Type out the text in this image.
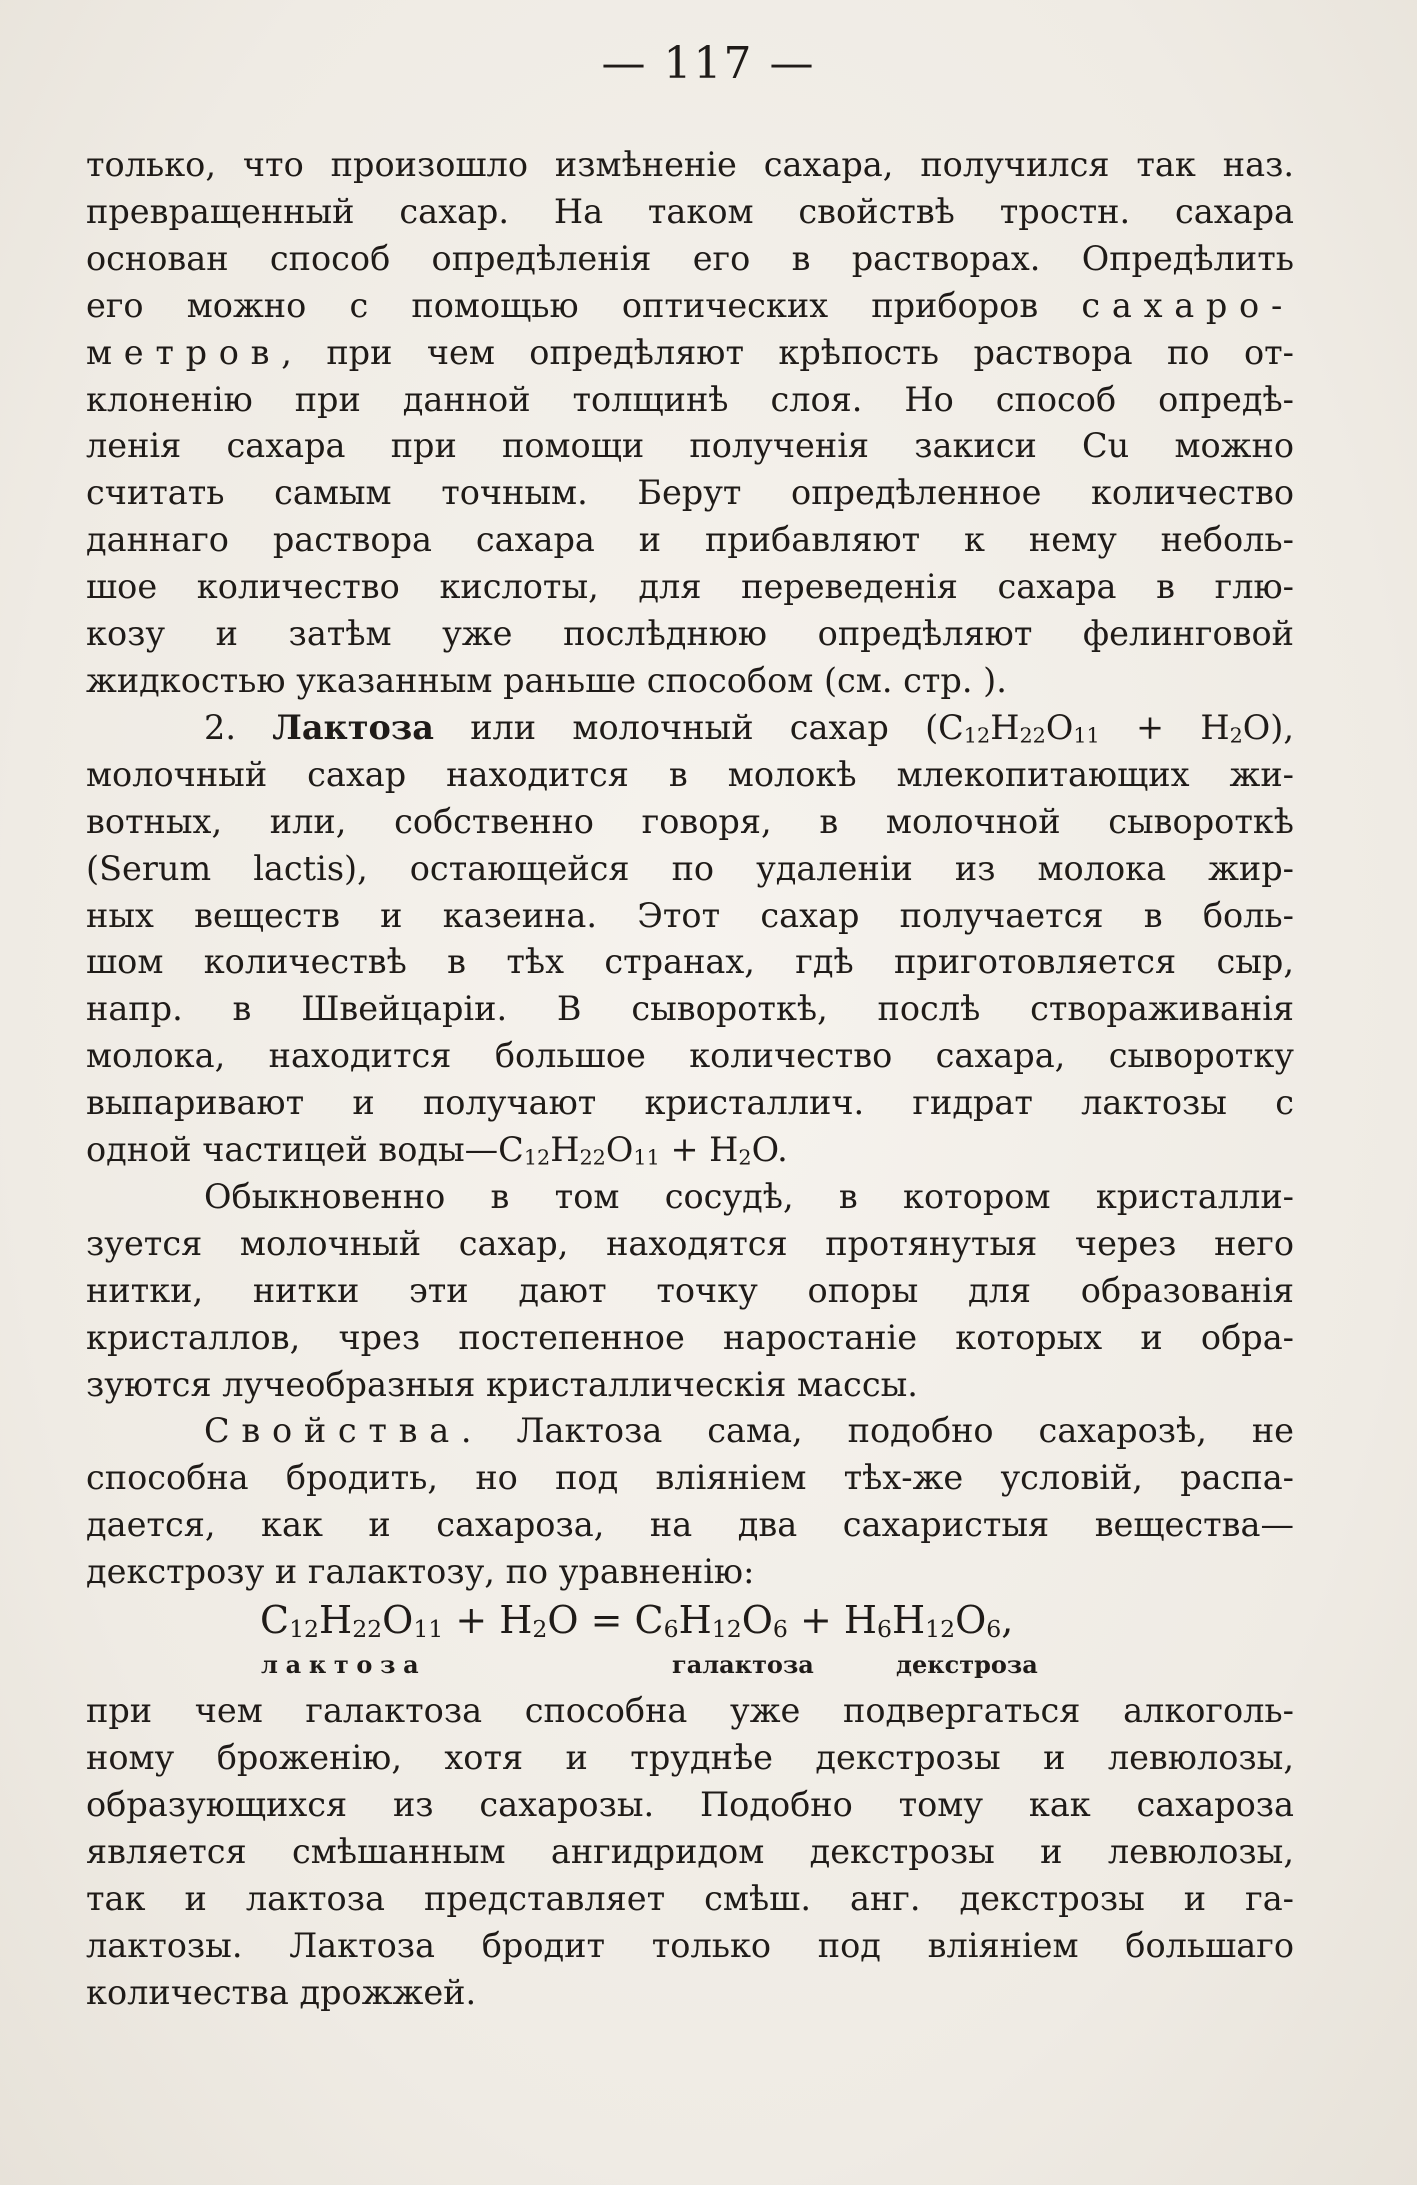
— 117 —
только, что произошло измѣненіе сахара, получился так наз.
превращенный сахар. На таком свойствѣ тростн. сахара
основан способ опредѣленія его в растворах. Опредѣлить
его можно с помощью оптических приборов сахаро-
метров, при чем опредѣляют крѣпость раствора по от-
клоненію при данной толщинѣ слоя. Но способ опредѣ-
ленія сахара при помощи полученія закиси Cu можно
считать самым точным. Берут опредѣленное количество
даннаго раствора сахара и прибавляют к нему неболь-
шое количество кислоты, для переведенія сахара в глю-
козу и затѣм уже послѣднюю опредѣляют фелинговой
жидкостью указанным раньше способом (см. стр. ).
2. Лактоза или молочный сахар $(C_{12}H_{22}O_{11} + H_2O)$,
молочный сахар находится в молокѣ млекопитающих жи-
вотных, или, собственно говоря, в молочной сывороткѣ
(Serum lactis), остающейся по удаленіи из молока жир-
ных веществ и казеина. Этот сахар получается в боль-
шом количествѣ в тѣх странах, гдѣ приготовляется сыр,
напр. в Швейцаріи. В сывороткѣ, послѣ створаживанія
молока, находится большое количество сахара, сыворотку
выпаривают и получают кристаллич. гидрат лактозы с
одной частицей $воды—C_{12}H_{22}O_{11} + H_2O$.
Обыкновенно в том сосудѣ, в котором кристалли-
зуется молочный сахар, находятся протянутыя через него
нитки, нитки эти дают точку опоры для образованія
кристаллов, чрез постепенное наростаніе которых и обра-
зуются лучеобразныя кристаллическія массы.
Свойства. Лактоза сама, подобно сахарозѣ, не
способна бродить, но под вліяніем тѣх-же условій, распа-
дается, как и сахароза, на два сахаристыя вещества—
декстрозу и галактозу, по уравненію:
$C_{12}H_{22}O_{11} + H_2O = C_6H_{12}O_6 + H_6H_{12}O_6$,
лактоза	галактоза	декстроза
при чем галактоза способна уже подвергаться алкоголь-
ному броженію, хотя и труднѣе декстрозы и левюлозы,
образующихся из сахарозы. Подобно тому как сахароза
является смѣшанным ангидридом декстрозы и левюлозы,
так и лактоза представляет смѣш. анг. декстрозы и га-
лактозы. Лактоза бродит только под вліяніем большаго
количества дрожжей.
